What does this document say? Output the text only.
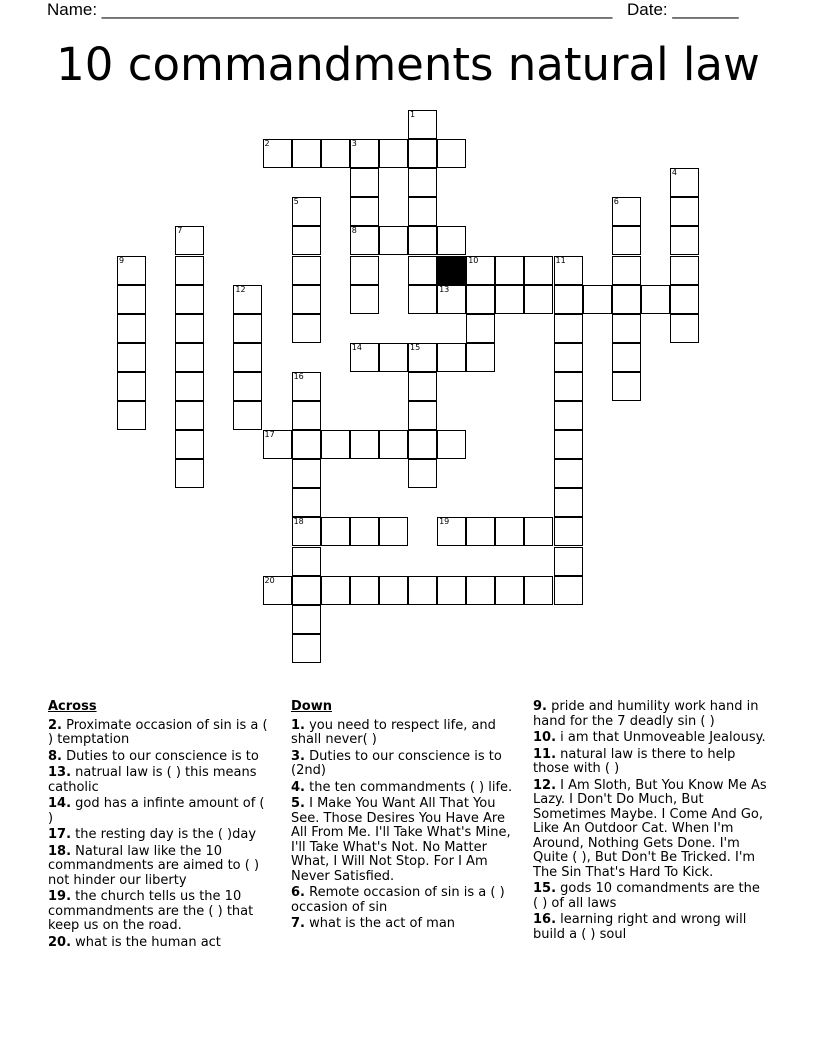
Name: ______________________________________________________ Date: _______
10 commandments natural law
1
3
8
4
5	6
7
9	11
12
15
16
18
2
13
14
17
19
20
10
Across
2. Proximate occasion of sin is a ( ) temptation
8. Duties to our conscience is to
13. natrual law is ( ) this means catholic
14. god has a infinte amount of ( )
17. the resting day is the ( )day
18. Natural law like the 10 commandments are aimed to ( ) not hinder our liberty
19. the church tells us the 10 commandments are the ( ) that keep us on the road.
20. what is the human act
Down
1. you need to respect life, and shall never( )
3. Duties to our conscience is to (2nd)
4. the ten commandments ( ) life.
5. I Make You Want All That You See. Those Desires You Have Are All From Me. I'll Take What's Mine, I'll Take What's Not. No Matter What, I Will Not Stop. For I Am Never Satisfied.
6. Remote occasion of sin is a ( ) occasion of sin
7. what is the act of man
9. pride and humility work hand in hand for the 7 deadly sin ( )
10. i am that Unmoveable Jealousy.
11. natural law is there to help those with ( )
12. I Am Sloth, But You Know Me As Lazy. I Don't Do Much, But Sometimes Maybe. I Come And Go, Like An Outdoor Cat. When I'm Around, Nothing Gets Done. I'm Quite ( ), But Don't Be Tricked. I'm The Sin That's Hard To Kick.
15. gods 10 comandments are the ( ) of all laws
16. learning right and wrong will build a ( ) soul
